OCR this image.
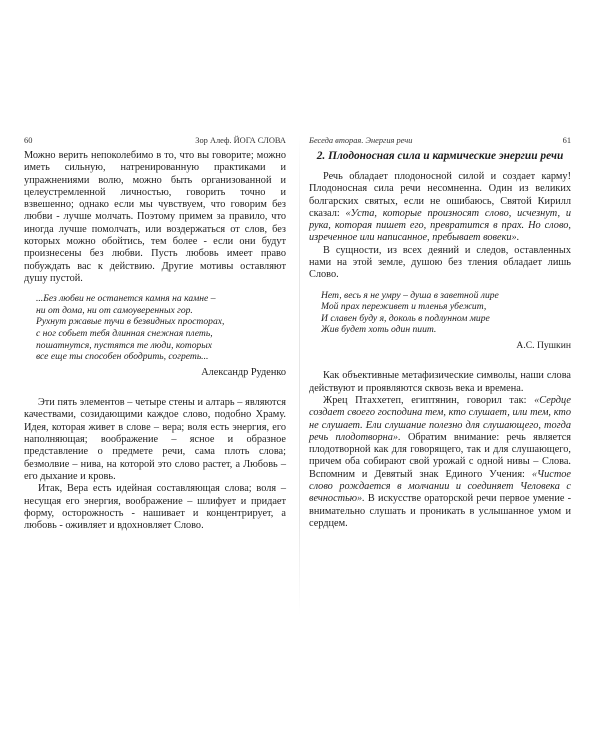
60	Зор Алеф. ЙОГА СЛОВА

Можно верить непоколебимо в то, что вы говорите; можно иметь сильную, натренированную практиками и упражнениями волю, можно быть организованной и целеустремленной личностью, говорить точно и взвешенно; однако если мы чувствуем, что говорим без любви - лучше молчать. Поэтому примем за правило, что иногда лучше помолчать, или воздержаться от слов, без которых можно обойтись, тем более - если они будут произнесены без любви. Пусть любовь имеет право побуждать вас к действию. Другие мотивы оставляют душу пустой.

...Без любви не останется камня на камне –
ни от дома, ни от самоуверенных гор.
Рухнут ржавые тучи в безвидных просторах,
с ног собьет тебя длинная снежная плеть,
пошатнутся, пустятся те люди, которых
все еще ты способен ободрить, согреть...
Александр Руденко

Эти пять элементов – четыре стены и алтарь – являются качествами, созидающими каждое слово, подобно Храму. Идея, которая живет в слове – вера; воля есть энергия, его наполняющая; воображение – ясное и образное представление о предмете речи, сама плоть слова; безмолвие – нива, на которой это слово растет, а Любовь – его дыхание и кровь.

Итак, Вера есть идейная составляющая слова; воля – несущая его энергия, воображение – шлифует и придает форму, осторожность - нашивает и концентрирует, а любовь - оживляет и вдохновляет Слово.

Беседа вторая. Энергия речи	61
2. Плодоносная сила и кармические энергии речи

Речь обладает плодоносной силой и создает карму! Плодоносная сила речи несомненна. Один из великих болгарских святых, если не ошибаюсь, Святой Кирилл сказал: «Уста, которые произносят слово, исчезнут, и рука, которая пишет его, превратится в прах. Но слово, изреченное или написанное, пребывает вовеки».

В сущности, из всех деяний и следов, оставленных нами на этой земле, душою без тления обладает лишь Слово.

Нет, весь я не умру – душа в заветной лире
Мой прах переживет и тленья убежит,
И славен буду я, доколь в подлунном мире
Жив будет хоть один пиит.
А.С. Пушкин

Как объективные метафизические символы, наши слова действуют и проявляются сквозь века и времена.

Жрец Птаххетеп, египтянин, говорил так: «Сердце создает своего господина тем, кто слушает, или тем, кто не слушает. Ели слушание полезно для слушающего, тогда речь плодотворна». Обратим внимание: речь является плодотворной как для говорящего, так и для слушающего, причем оба собирают свой урожай с одной нивы – Слова. Вспомним и Девятый знак Единого Учения: «Чистое слово рождается в молчании и соединяет Человека с вечностью». В искусстве ораторской речи первое умение - внимательно слушать и проникать в услышанное умом и сердцем.
